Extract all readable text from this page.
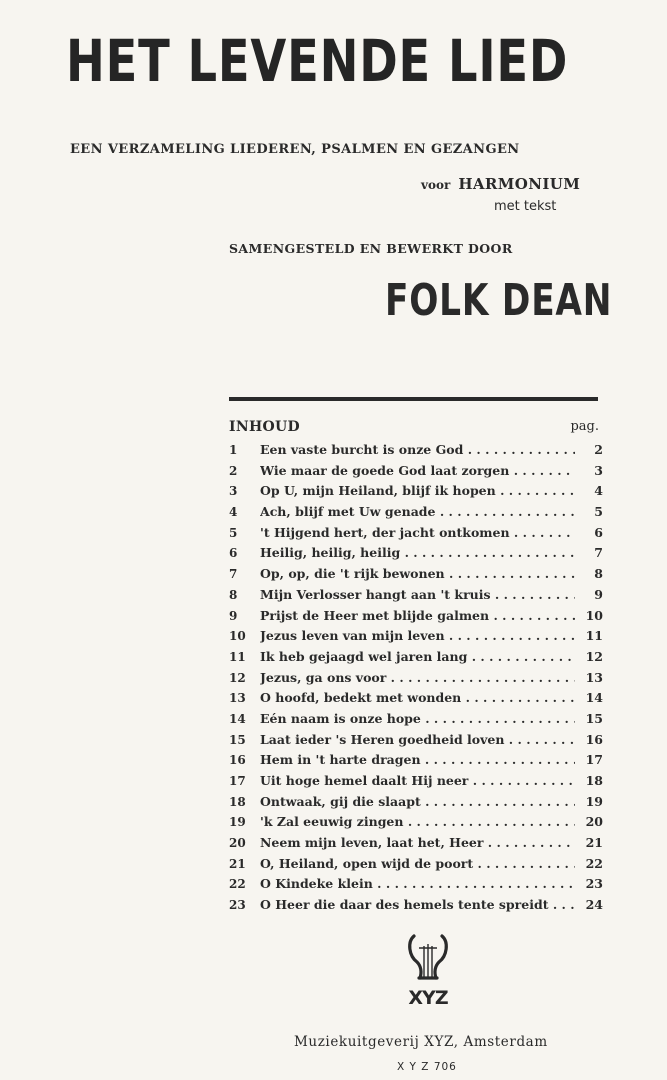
HET LEVENDE LIED
EEN VERZAMELING LIEDEREN, PSALMEN EN GEZANGEN
voor HARMONIUM
met tekst
SAMENGESTELD EN BEWERKT DOOR
FOLK DEAN
INHOUD	pag.
1	Een vaste burcht is onze God . . .	2
2	Wie maar de goede God laat zorgen . . .	3
3	Op U, mijn Heiland, blijf ik hopen . . .	4
4	Ach, blijf met Uw genade . . .	5
5	't Hijgend hert, der jacht ontkomen . . .	6
6	Heilig, heilig, heilig . . .	7
7	Op, op, die 't rijk bewonen . . .	8
8	Mijn Verlosser hangt aan 't kruis . . .	9
9	Prijst de Heer met blijde galmen . . .	10
10	Jezus leven van mijn leven . . .	11
11	Ik heb gejaagd wel jaren lang . . .	12
12	Jezus, ga ons voor . . .	13
13	O hoofd, bedekt met wonden . . .	14
14	Eén naam is onze hope . . .	15
15	Laat ieder 's Heren goedheid loven . . .	16
16	Hem in 't harte dragen . . .	17
17	Uit hoge hemel daalt Hij neer . . .	18
18	Ontwaak, gij die slaapt . . .	19
19	'k Zal eeuwig zingen . . .	20
20	Neem mijn leven, laat het, Heer . . .	21
21	O, Heiland, open wijd de poort . . .	22
22	O Kindeke klein . . .	23
23	O Heer die daar des hemels tente spreidt . . .	24
XYZ
Muziekuitgeverij XYZ, Amsterdam
X Y Z 706
